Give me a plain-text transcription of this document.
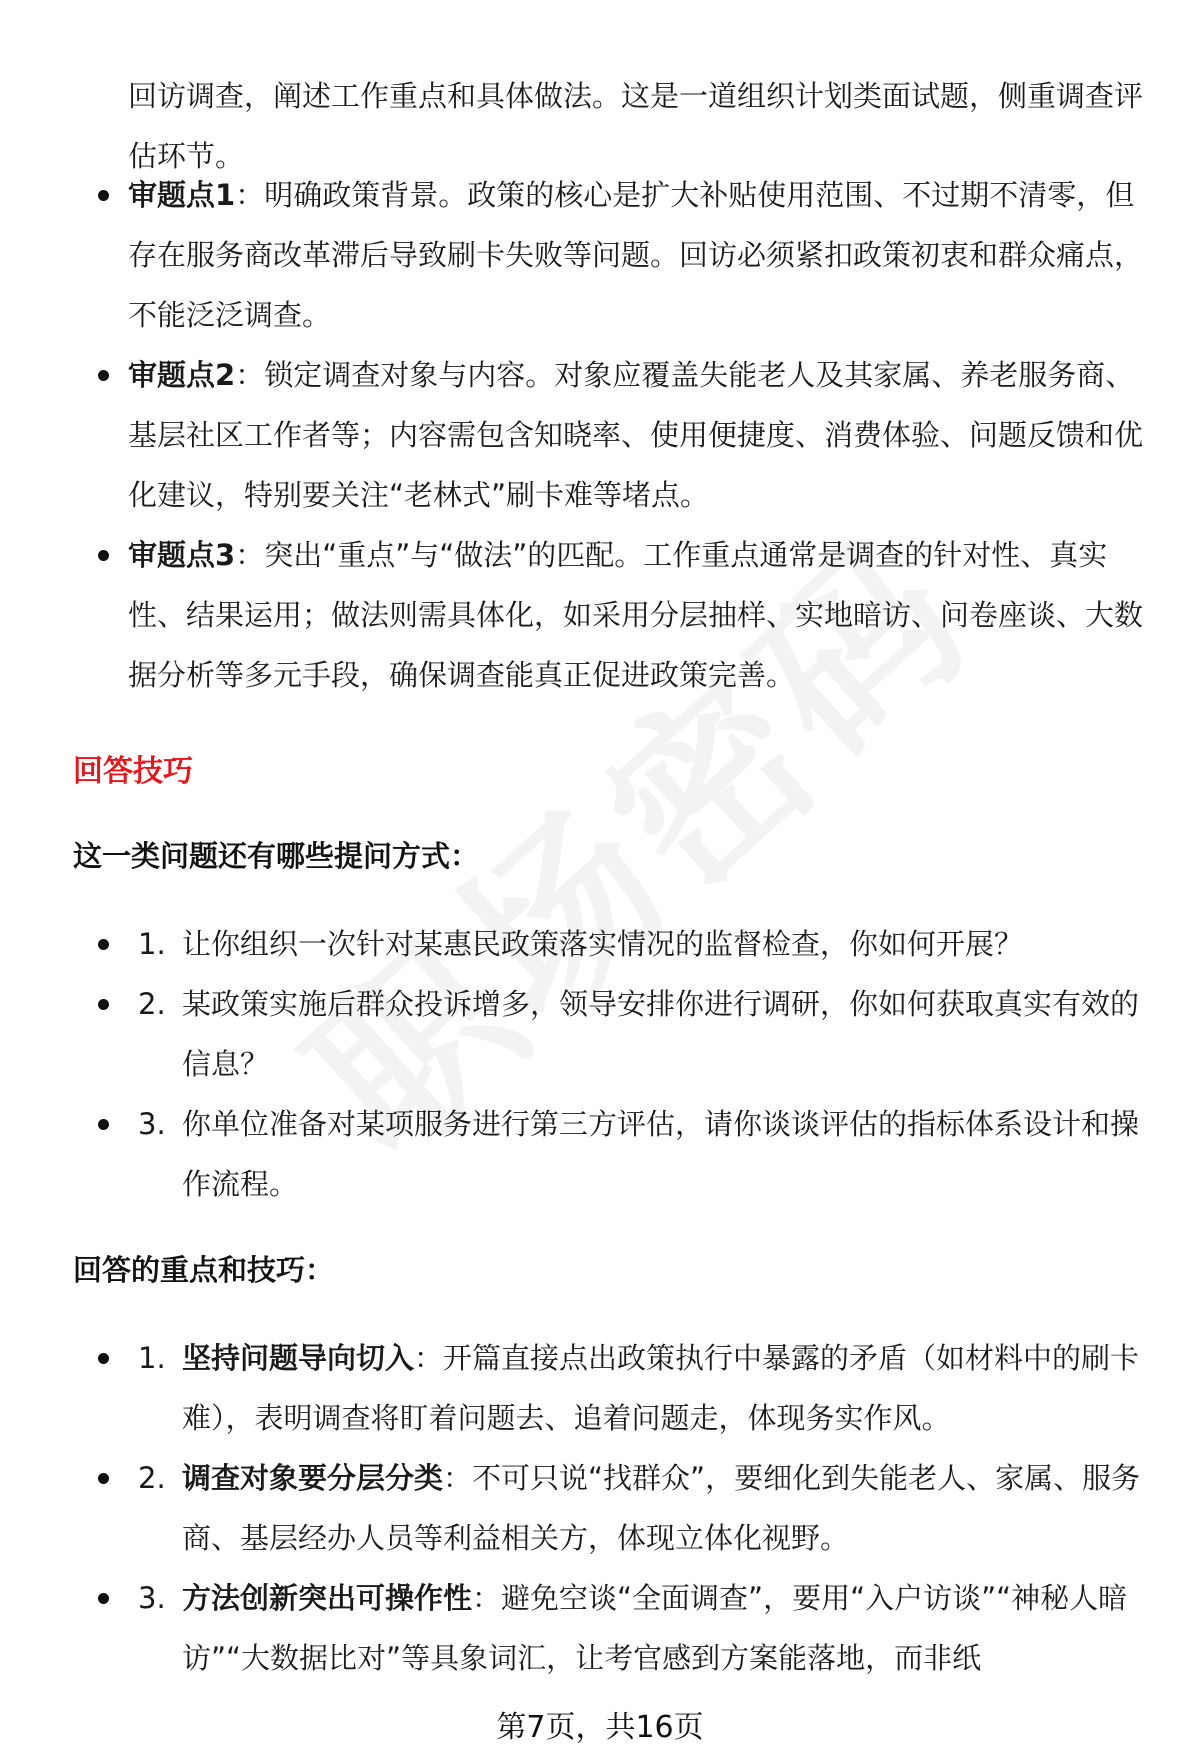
回访调查，阐述工作重点和具体做法。这是一道组织计划类面试题，侧重调查评估环节。

审题点1：明确政策背景。政策的核心是扩大补贴使用范围、不过期不清零，但存在服务商改革滞后导致刷卡失败等问题。回访必须紧扣政策初衷和群众痛点，不能泛泛调查。
审题点2：锁定调查对象与内容。对象应覆盖失能老人及其家属、养老服务商、基层社区工作者等；内容需包含知晓率、使用便捷度、消费体验、问题反馈和优化建议，特别要关注“老林式”刷卡难等堵点。
审题点3：突出“重点”与“做法”的匹配。工作重点通常是调查的针对性、真实性、结果运用；做法则需具体化，如采用分层抽样、实地暗访、问卷座谈、大数据分析等多元手段，确保调查能真正促进政策完善。
回答技巧
这一类问题还有哪些提问方式：
1. 让你组织一次针对某惠民政策落实情况的监督检查，你如何开展？
2. 某政策实施后群众投诉增多，领导安排你进行调研，你如何获取真实有效的信息？
3. 你单位准备对某项服务进行第三方评估，请你谈谈评估的指标体系设计和操作流程。
回答的重点和技巧：
1. 坚持问题导向切入：开篇直接点出政策执行中暴露的矛盾（如材料中的刷卡难），表明调查将盯着问题去、追着问题走，体现务实作风。
2. 调查对象要分层分类：不可只说“找群众”，要细化到失能老人、家属、服务商、基层经办人员等利益相关方，体现立体化视野。
3. 方法创新突出可操作性：避免空谈“全面调查”，要用“入户访谈”“神秘人暗访”“大数据比对”等具象词汇，让考官感到方案能落地，而非纸
第7页，共16页
